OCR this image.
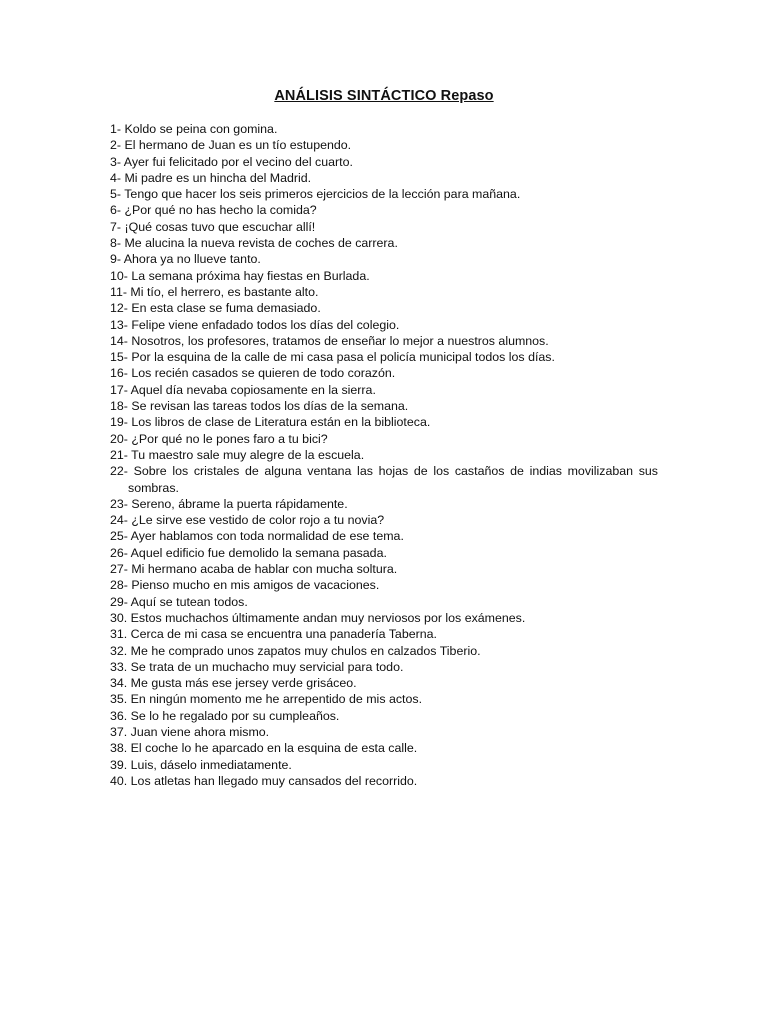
ANÁLISIS SINTÁCTICO Repaso
1- Koldo se peina con gomina.
2- El hermano de Juan es un tío estupendo.
3- Ayer fui felicitado por el vecino del cuarto.
4- Mi padre es un hincha del Madrid.
5- Tengo que hacer los seis primeros ejercicios de la lección para mañana.
6- ¿Por qué no has hecho la comida?
7- ¡Qué cosas tuvo que escuchar allí!
8- Me alucina la nueva revista de coches de carrera.
9- Ahora ya no llueve tanto.
10- La semana próxima hay fiestas en Burlada.
11- Mi tío, el herrero, es bastante alto.
12- En esta clase se fuma demasiado.
13- Felipe viene enfadado todos los días del colegio.
14- Nosotros, los profesores, tratamos de enseñar lo mejor a nuestros alumnos.
15- Por la esquina de la calle de mi casa pasa el policía municipal todos los días.
16- Los recién casados se quieren de todo corazón.
17- Aquel día nevaba copiosamente en la sierra.
18- Se revisan las tareas todos los días de la semana.
19- Los libros de clase de Literatura están en la biblioteca.
20- ¿Por qué no le pones faro a tu bici?
21- Tu maestro sale muy alegre de la escuela.
22- Sobre los cristales de alguna ventana las hojas de los castaños de indias movilizaban sus sombras.
23- Sereno, ábrame la puerta rápidamente.
24- ¿Le sirve ese vestido de color rojo a tu novia?
25- Ayer hablamos con toda normalidad de ese tema.
26- Aquel edificio fue demolido la semana pasada.
27- Mi hermano acaba de hablar con mucha soltura.
28- Pienso mucho en mis amigos de vacaciones.
29- Aquí se tutean todos.
30. Estos muchachos últimamente andan muy nerviosos por los exámenes.
31. Cerca de mi casa se encuentra una panadería Taberna.
32. Me he comprado unos zapatos muy chulos en calzados Tiberio.
33. Se trata de un muchacho muy servicial para todo.
34. Me gusta más ese jersey verde grisáceo.
35. En ningún momento me he arrepentido de mis actos.
36. Se lo he regalado por su cumpleaños.
37. Juan viene ahora mismo.
38. El coche lo he aparcado en la esquina de esta calle.
39. Luis, dáselo inmediatamente.
40. Los atletas han llegado muy cansados del recorrido.
